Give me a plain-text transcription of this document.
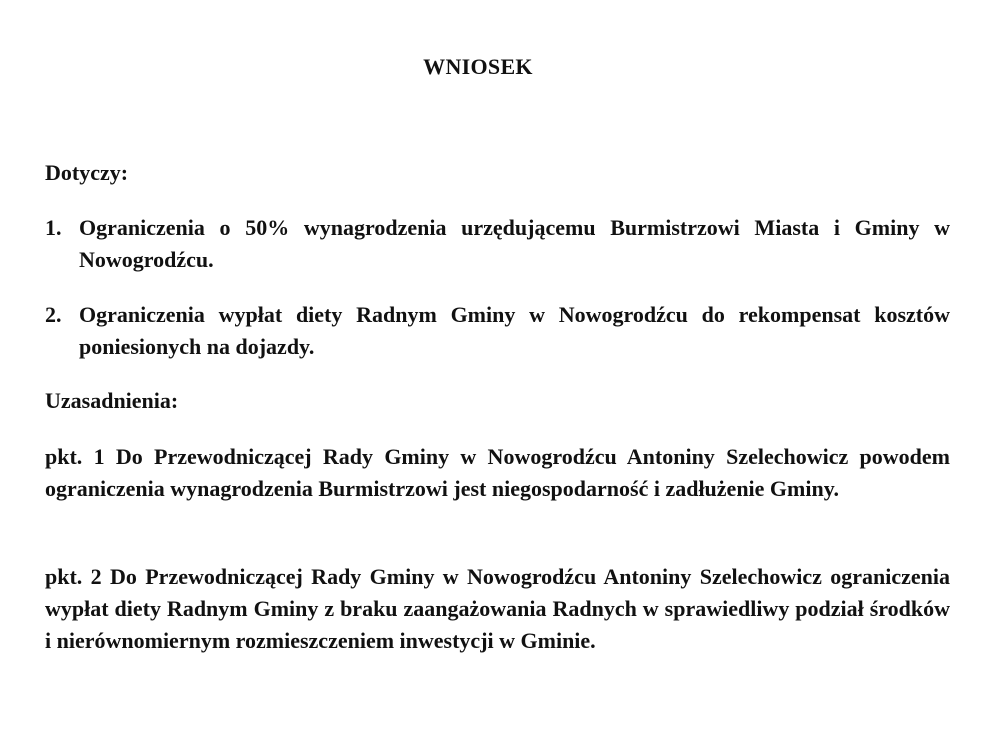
WNIOSEK
Dotyczy:
1. Ograniczenia o 50% wynagrodzenia urzędującemu Burmistrzowi Miasta i Gminy w Nowogrodźcu.
2. Ograniczenia wypłat diety Radnym Gminy w Nowogrodźcu do rekompensat kosztów poniesionych na dojazdy.
Uzasadnienia:
pkt. 1 Do Przewodniczącej Rady Gminy w Nowogrodźcu Antoniny Szelechowicz powodem ograniczenia wynagrodzenia Burmistrzowi jest niegospodarność i zadłużenie Gminy.
pkt. 2 Do Przewodniczącej Rady Gminy w Nowogrodźcu Antoniny Szelechowicz ograniczenia wypłat diety Radnym Gminy z braku zaangażowania Radnych w sprawiedliwy podział środków i nierównomiernym rozmieszczeniem inwestycji w Gminie.
